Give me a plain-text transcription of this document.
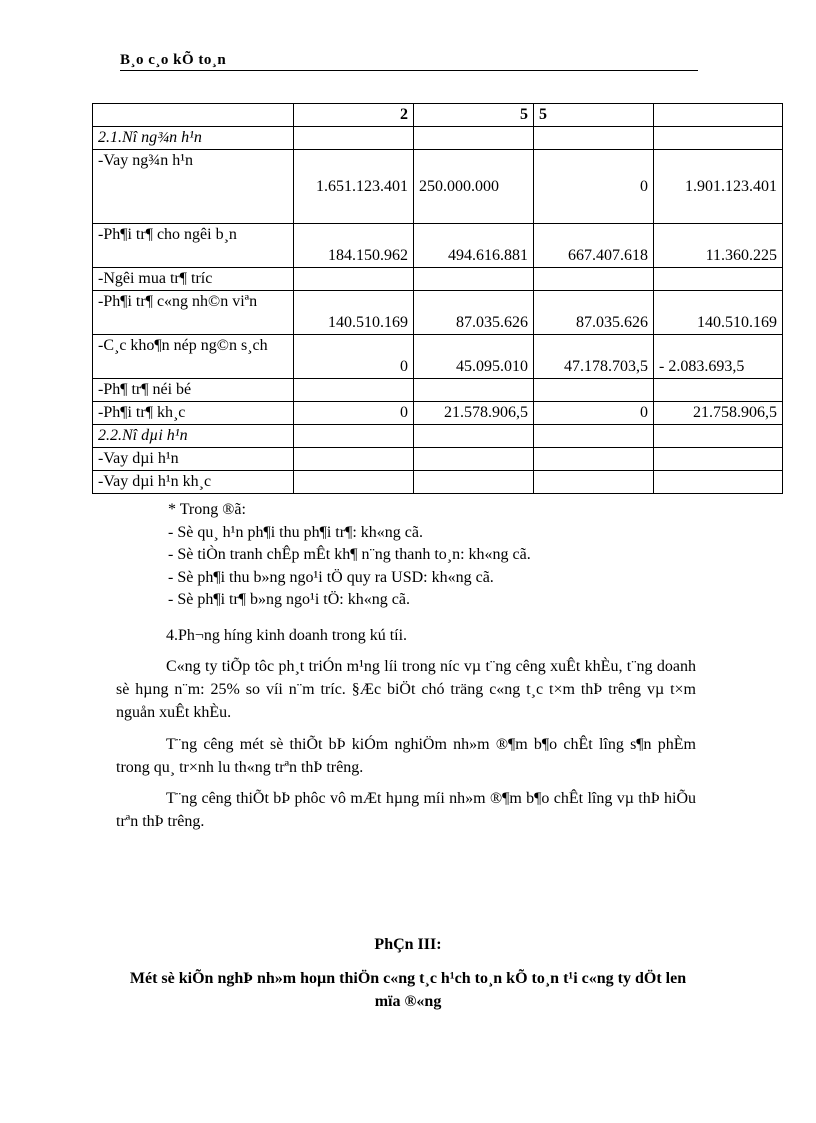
B¸o c¸o kÕ to¸n
	2	5	5	
2.1.Nî ng¾n h¹n				
-Vay ng¾n h¹n	1.651.123.401	250.000.000	0	1.901.123.401
-Ph¶i tr¶ cho ngêi b¸n	184.150.962	494.616.881	667.407.618	11.360.225
-Ngêi mua tr¶ tríc				
-Ph¶i tr¶ c«ng nh©n viªn	140.510.169	87.035.626	87.035.626	140.510.169
-C¸c kho¶n nép ng©n s¸ch	0	45.095.010	47.178.703,5	- 2.083.693,5
-Ph¶ tr¶ néi bé				
-Ph¶i tr¶ kh¸c	0	21.578.906,5	0	21.758.906,5
2.2.Nî dµi h¹n				
-Vay dµi h¹n				
-Vay dµi h¹n kh¸c				
* Trong ®ã:
- Sè qu¸ h¹n ph¶i thu ph¶i tr¶: kh«ng cã.
- Sè tiÒn tranh chÊp mÊt kh¶ n¨ng thanh to¸n: kh«ng cã.
- Sè ph¶i thu b»ng ngo¹i tÖ quy ra USD: kh«ng cã.
- Sè ph¶i tr¶ b»ng ngo¹i tÖ: kh«ng cã.

4.Ph¬ng híng kinh doanh trong kú tíi.

C«ng ty tiÕp tôc ph¸t triÓn m¹ng líi trong níc vµ t¨ng cêng xuÊt khÈu, t¨ng doanh sè hµng n¨m: 25% so víi n¨m tríc. §Æc biÖt chó träng c«ng t¸c t×m thÞ trêng vµ t×m nguån xuÊt khÈu.

T¨ng cêng mét sè thiÕt bÞ kiÓm nghiÖm nh»m ®¶m b¶o chÊt lîng s¶n phÈm trong qu¸ tr×nh lu th«ng trªn thÞ trêng.

T¨ng cêng thiÕt bÞ phôc vô mÆt hµng míi nh»m ®¶m b¶o chÊt lîng vµ thÞ hiÕu trªn thÞ trêng.

PhÇn III:
Mét sè kiÕn nghÞ nh»m hoµn thiÖn c«ng t¸c h¹ch to¸n kÕ to¸n t¹i c«ng ty dÖt len mïa ®«ng
